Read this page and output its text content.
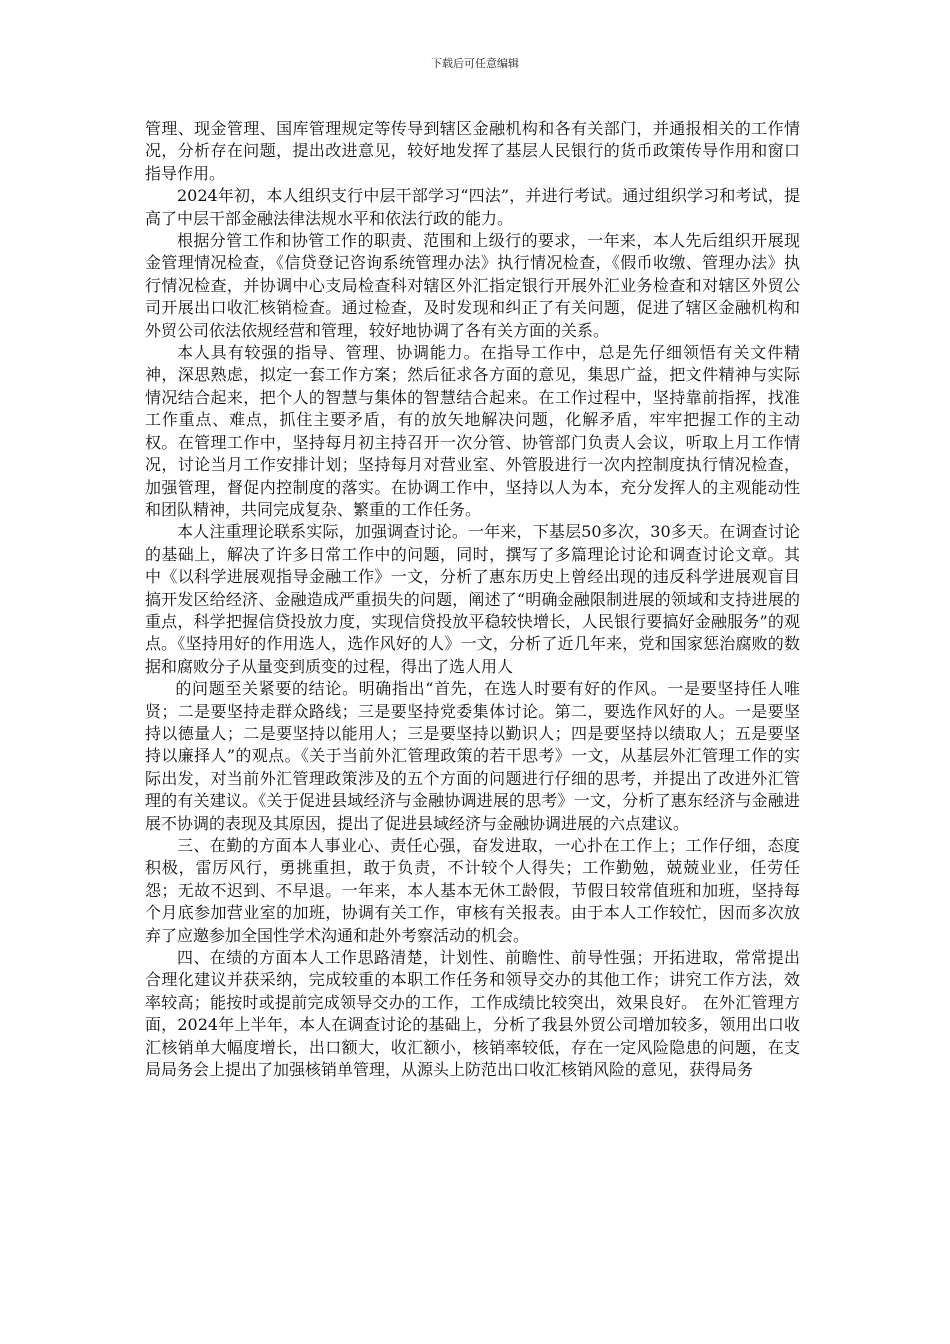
下载后可任意编辑

管理、现金管理、国库管理规定等传导到辖区金融机构和各有关部门，并通报相关的工作情况，分析存在问题，提出改进意见，较好地发挥了基层人民银行的货币政策传导作用和窗口指导作用。

2024年初，本人组织支行中层干部学习“四法”，并进行考试。通过组织学习和考试，提高了中层干部金融法律法规水平和依法行政的能力。

根据分管工作和协管工作的职责、范围和上级行的要求，一年来，本人先后组织开展现金管理情况检查，《信贷登记咨询系统管理办法》执行情况检查，《假币收缴、管理办法》执行情况检查，并协调中心支局检查科对辖区外汇指定银行开展外汇业务检查和对辖区外贸公司开展出口收汇核销检查。通过检查，及时发现和纠正了有关问题，促进了辖区金融机构和外贸公司依法依规经营和管理，较好地协调了各有关方面的关系。

本人具有较强的指导、管理、协调能力。在指导工作中，总是先仔细领悟有关文件精神，深思熟虑，拟定一套工作方案；然后征求各方面的意见，集思广益，把文件精神与实际情况结合起来，把个人的智慧与集体的智慧结合起来。在工作过程中，坚持靠前指挥，找准工作重点、难点，抓住主要矛盾，有的放矢地解决问题，化解矛盾，牢牢把握工作的主动权。在管理工作中，坚持每月初主持召开一次分管、协管部门负责人会议，听取上月工作情况，讨论当月工作安排计划；坚持每月对营业室、外管股进行一次内控制度执行情况检查，加强管理，督促内控制度的落实。在协调工作中，坚持以人为本，充分发挥人的主观能动性和团队精神，共同完成复杂、繁重的工作任务。

本人注重理论联系实际，加强调查讨论。一年来，下基层50多次，30多天。在调查讨论的基础上，解决了许多日常工作中的问题，同时，撰写了多篇理论讨论和调查讨论文章。其中《以科学进展观指导金融工作》一文，分析了惠东历史上曾经出现的违反科学进展观盲目搞开发区给经济、金融造成严重损失的问题，阐述了“明确金融限制进展的领域和支持进展的重点，科学把握信贷投放力度，实现信贷投放平稳较快增长，人民银行要搞好金融服务”的观点。《坚持用好的作用选人，选作风好的人》一文，分析了近几年来，党和国家惩治腐败的数据和腐败分子从量变到质变的过程，得出了选人用人

的问题至关紧要的结论。明确指出“首先，在选人时要有好的作风。一是要坚持任人唯贤；二是要坚持走群众路线；三是要坚持党委集体讨论。第二，要选作风好的人。一是要坚持以德量人；二是要坚持以能用人；三是要坚持以勤识人；四是要坚持以绩取人；五是要坚持以廉择人”的观点。《关于当前外汇管理政策的若干思考》一文，从基层外汇管理工作的实际出发，对当前外汇管理政策涉及的五个方面的问题进行仔细的思考，并提出了改进外汇管理的有关建议。《关于促进县域经济与金融协调进展的思考》一文，分析了惠东经济与金融进展不协调的表现及其原因，提出了促进县域经济与金融协调进展的六点建议。

三、在勤的方面本人事业心、责任心强，奋发进取，一心扑在工作上；工作仔细，态度积极，雷厉风行，勇挑重担，敢于负责，不计较个人得失；工作勤勉，兢兢业业，任劳任怨；无故不迟到、不早退。一年来，本人基本无休工龄假，节假日较常值班和加班，坚持每个月底参加营业室的加班，协调有关工作，审核有关报表。由于本人工作较忙，因而多次放弃了应邀参加全国性学术沟通和赴外考察活动的机会。

四、在绩的方面本人工作思路清楚，计划性、前瞻性、前导性强；开拓进取，常常提出合理化建议并获采纳，完成较重的本职工作任务和领导交办的其他工作；讲究工作方法，效率较高；能按时或提前完成领导交办的工作，工作成绩比较突出，效果良好。 在外汇管理方面，2024年上半年，本人在调查讨论的基础上，分析了我县外贸公司增加较多，领用出口收汇核销单大幅度增长，出口额大，收汇额小，核销率较低，存在一定风险隐患的问题，在支局局务会上提出了加强核销单管理，从源头上防范出口收汇核销风险的意见，获得局务
